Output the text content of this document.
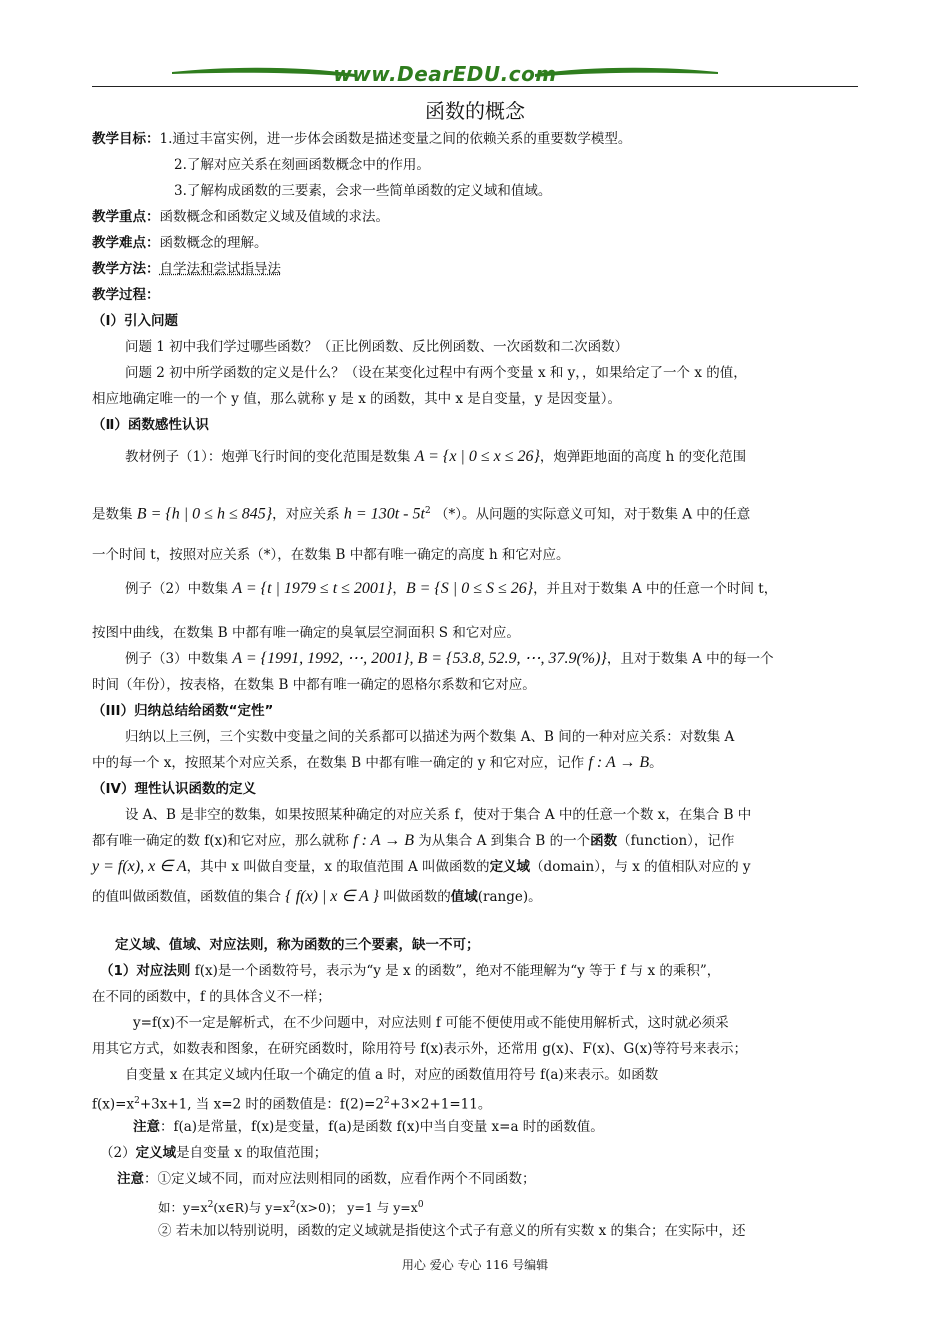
www.DearEDU.com
函数的概念
教学目标：1.通过丰富实例，进一步体会函数是描述变量之间的依赖关系的重要数学模型。
2.了解对应关系在刻画函数概念中的作用。
3.了解构成函数的三要素，会求一些简单函数的定义域和值域。
教学重点：函数概念和函数定义域及值域的求法。
教学难点：函数概念的理解。
教学方法：自学法和尝试指导法
教学过程：
（Ⅰ）引入问题
问题 1 初中我们学过哪些函数？（正比例函数、反比例函数、一次函数和二次函数）
问题 2 初中所学函数的定义是什么？（设在某变化过程中有两个变量 x 和 y，，如果给定了一个 x 的值，
相应地确定唯一的一个 y 值，那么就称 y 是 x 的函数，其中 x 是自变量，y 是因变量）。
（Ⅱ）函数感性认识
教材例子（1）：炮弹飞行时间的变化范围是数集 A = {x | 0 ≤ x ≤ 26}，炮弹距地面的高度 h 的变化范围
是数集 B = {h | 0 ≤ h ≤ 845}，对应关系 $h = 130t - 5t^2$ （*）。从问题的实际意义可知，对于数集 A 中的任意
一个时间 t，按照对应关系（*），在数集 B 中都有唯一确定的高度 h 和它对应。
例子（2）中数集 A = {t | 1979 ≤ t ≤ 2001}，B = {S | 0 ≤ S ≤ 26}，并且对于数集 A 中的任意一个时间 t，
按图中曲线，在数集 B 中都有唯一确定的臭氧层空洞面积 S 和它对应。
例子（3）中数集 A = {1991, 1992, ⋯, 2001}, B = {53.8, 52.9, ⋯, 37.9(%)}，且对于数集 A 中的每一个
时间（年份），按表格，在数集 B 中都有唯一确定的恩格尔系数和它对应。
（III）归纳总结给函数“定性”
归纳以上三例，三个实数中变量之间的关系都可以描述为两个数集 A、B 间的一种对应关系：对数集 A
中的每一个 x，按照某个对应关系，在数集 B 中都有唯一确定的 y 和它对应，记作 f : A → B。
（IV）理性认识函数的定义
设 A、B 是非空的数集，如果按照某种确定的对应关系 f，使对于集合 A 中的任意一个数 x，在集合 B 中
都有唯一确定的数 f(x)和它对应，那么就称 f : A → B 为从集合 A 到集合 B 的一个函数（function），记作
y = f(x), x ∈ A，其中 x 叫做自变量，x 的取值范围 A 叫做函数的定义域（domain），与 x 的值相队对应的 y
的值叫做函数值，函数值的集合 { f(x) | x ∈ A } 叫做函数的值域(range)。
定义域、值域、对应法则，称为函数的三个要素，缺一不可；
（1）对应法则 f(x)是一个函数符号，表示为“y 是 x 的函数”，绝对不能理解为“y 等于 f 与 x 的乘积”，
在不同的函数中，f 的具体含义不一样；
y=f(x)不一定是解析式，在不少问题中，对应法则 f 可能不便使用或不能使用解析式，这时就必须采
用其它方式，如数表和图象，在研究函数时，除用符号 f(x)表示外，还常用 g(x)、F(x)、G(x)等符号来表示；
自变量 x 在其定义域内任取一个确定的值 a 时，对应的函数值用符号 f(a)来表示。如函数
$f(x)=x^2+3x+1$, 当 x=2 时的函数值是：$f(2)=2^2+3\times 2+1=11$。
注意：f(a)是常量，f(x)是变量，f(a)是函数 f(x)中当自变量 x=a 时的函数值。
（2）定义域是自变量 x 的取值范围；
注意：①定义域不同，而对应法则相同的函数，应看作两个不同函数；
如：$y=x^2(x\in R)$与 $y=x^2(x>0)$； y=1 与 $y=x^0$
② 若未加以特别说明，函数的定义域就是指使这个式子有意义的所有实数 x 的集合；在实际中，还
用心 爱心 专心 116 号编辑
